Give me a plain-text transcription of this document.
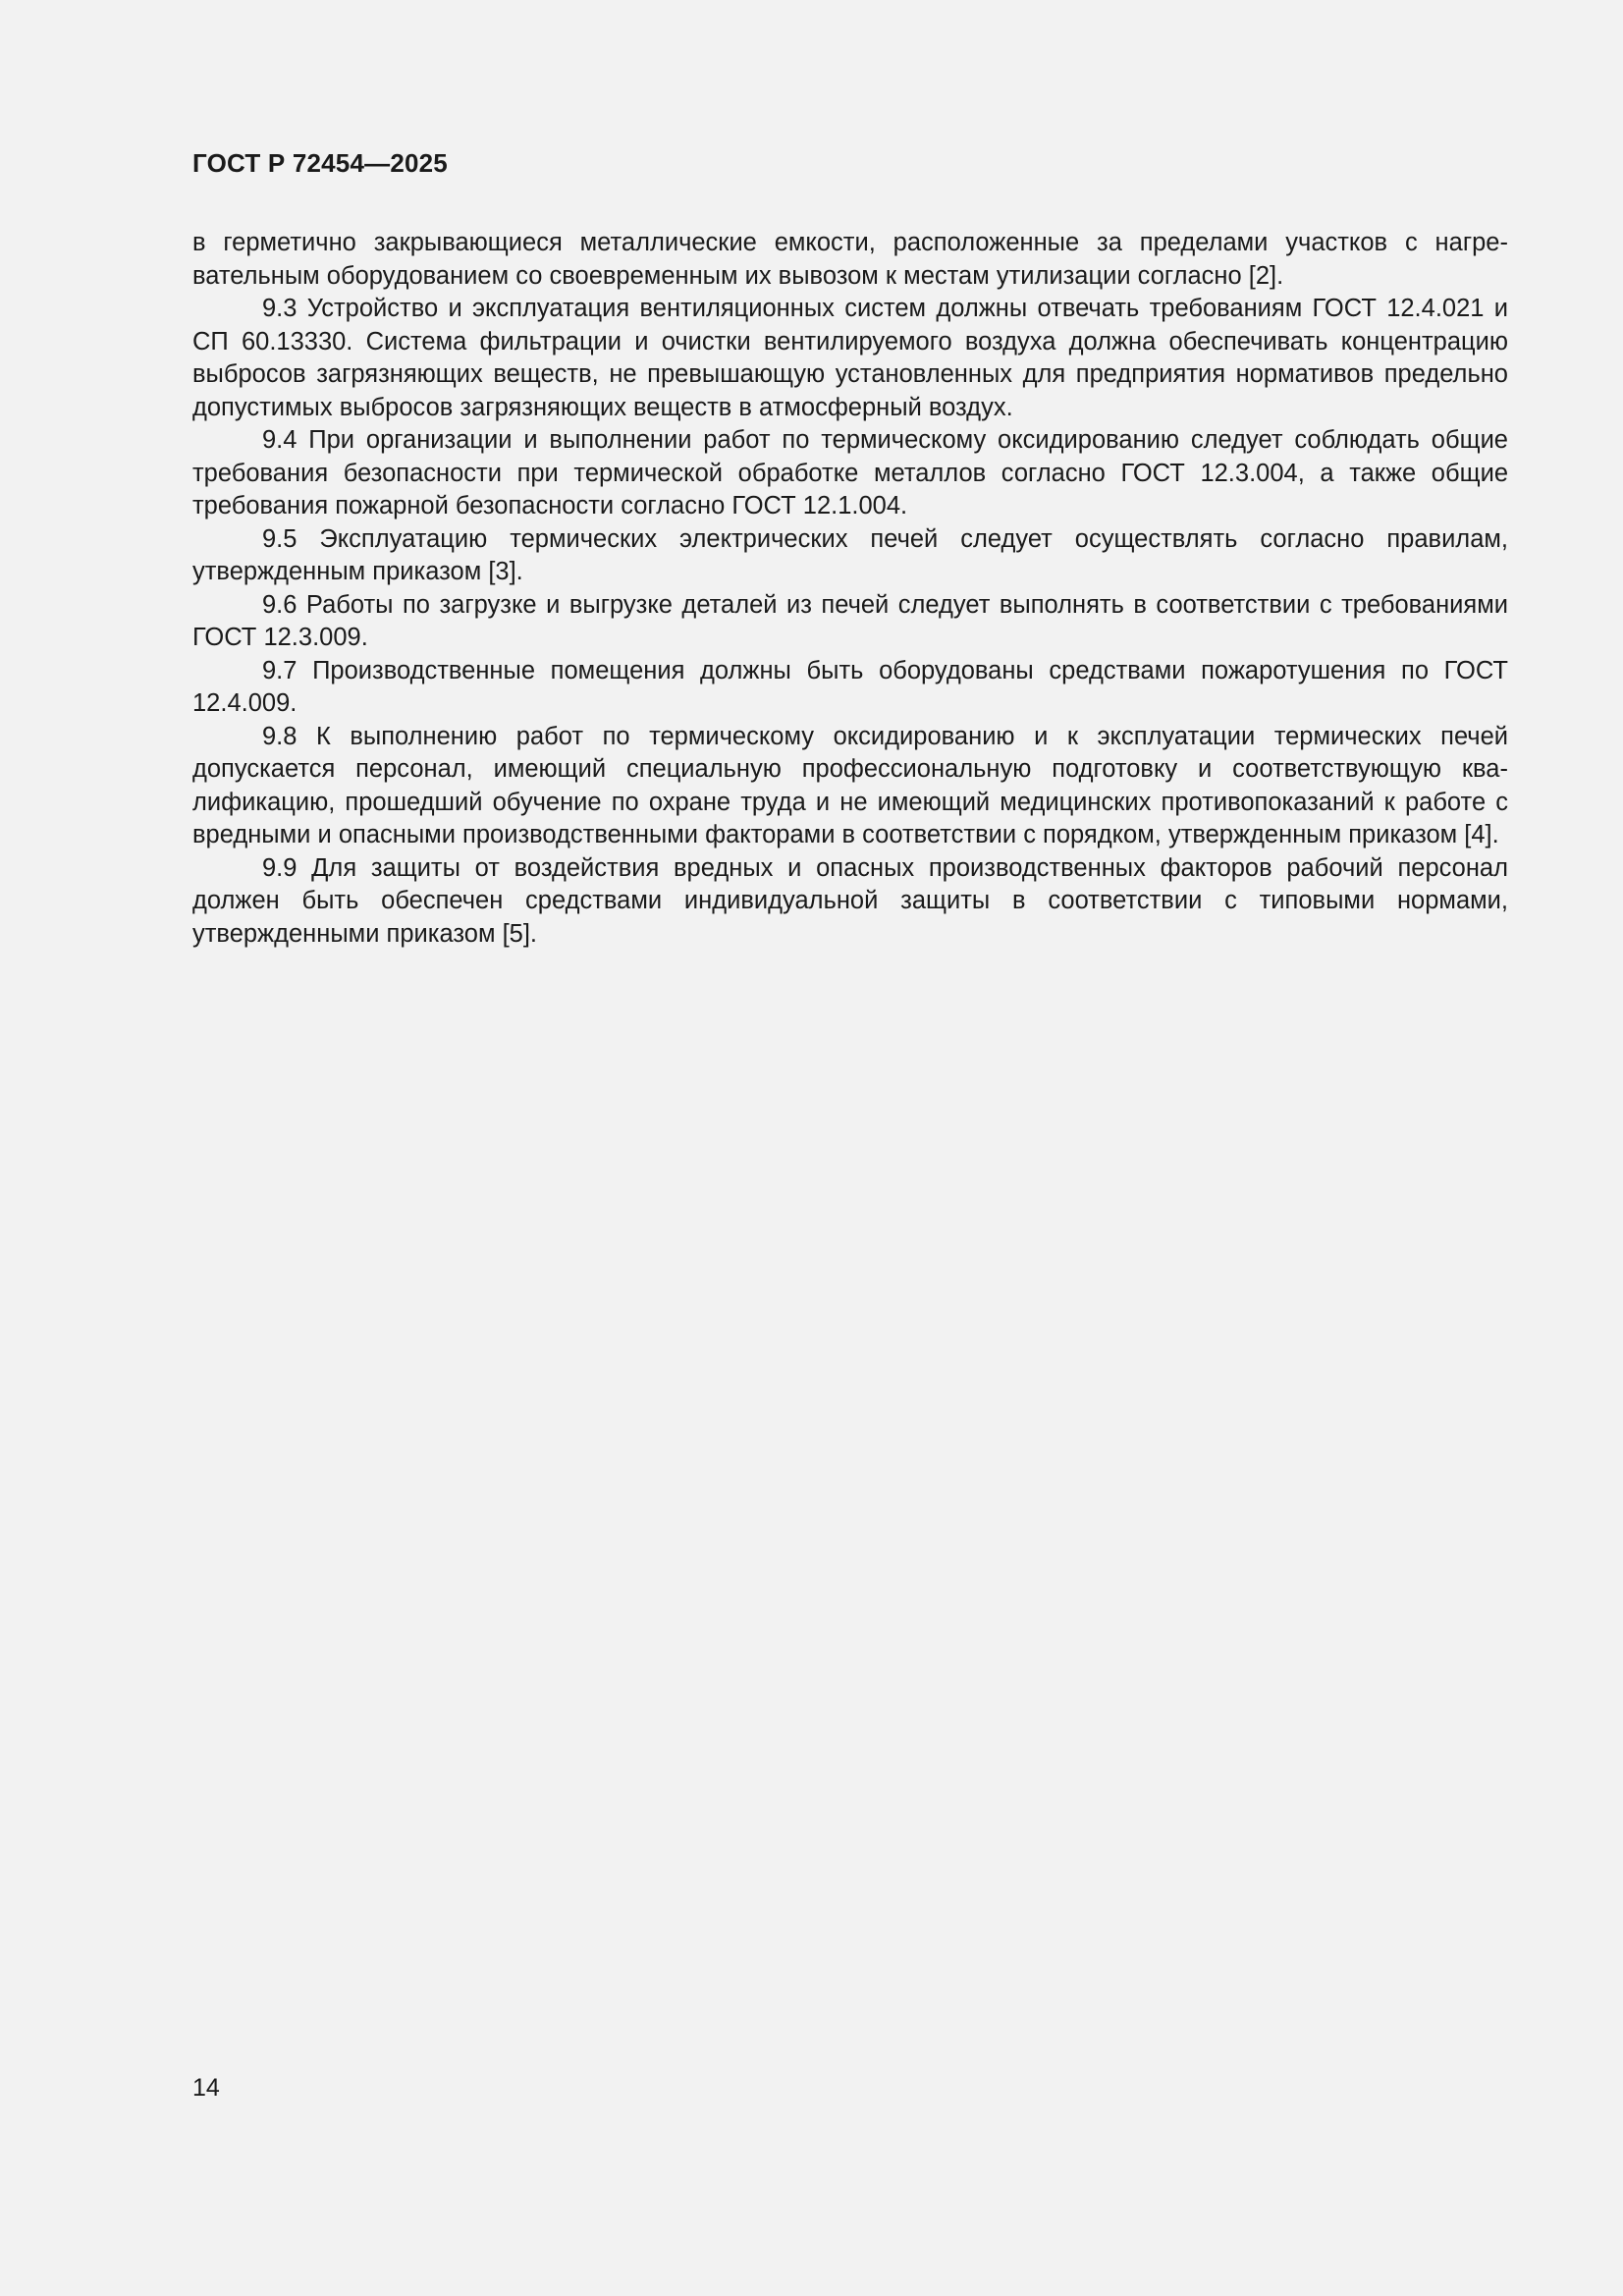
ГОСТ Р 72454—2025

в герметично закрывающиеся металлические емкости, расположенные за пределами участков с нагревательным оборудованием со своевременным их вывозом к местам утилизации согласно [2].

9.3 Устройство и эксплуатация вентиляционных систем должны отвечать требованиям ГОСТ 12.4.021 и СП 60.13330. Система фильтрации и очистки вентилируемого воздуха должна обеспечивать концентрацию выбросов загрязняющих веществ, не превышающую установленных для предприятия нормативов предельно допустимых выбросов загрязняющих веществ в атмосферный воздух.

9.4 При организации и выполнении работ по термическому оксидированию следует соблюдать общие требования безопасности при термической обработке металлов согласно ГОСТ 12.3.004, а также общие требования пожарной безопасности согласно ГОСТ 12.1.004.

9.5 Эксплуатацию термических электрических печей следует осуществлять согласно правилам, утвержденным приказом [3].

9.6 Работы по загрузке и выгрузке деталей из печей следует выполнять в соответствии с требованиями ГОСТ 12.3.009.

9.7 Производственные помещения должны быть оборудованы средствами пожаротушения по ГОСТ 12.4.009.

9.8 К выполнению работ по термическому оксидированию и к эксплуатации термических печей допускается персонал, имеющий специальную профессиональную подготовку и соответствующую квалификацию, прошедший обучение по охране труда и не имеющий медицинских противопоказаний к работе с вредными и опасными производственными факторами в соответствии с порядком, утвержденным приказом [4].

9.9 Для защиты от воздействия вредных и опасных производственных факторов рабочий персонал должен быть обеспечен средствами индивидуальной защиты в соответствии с типовыми нормами, утвержденными приказом [5].

14
